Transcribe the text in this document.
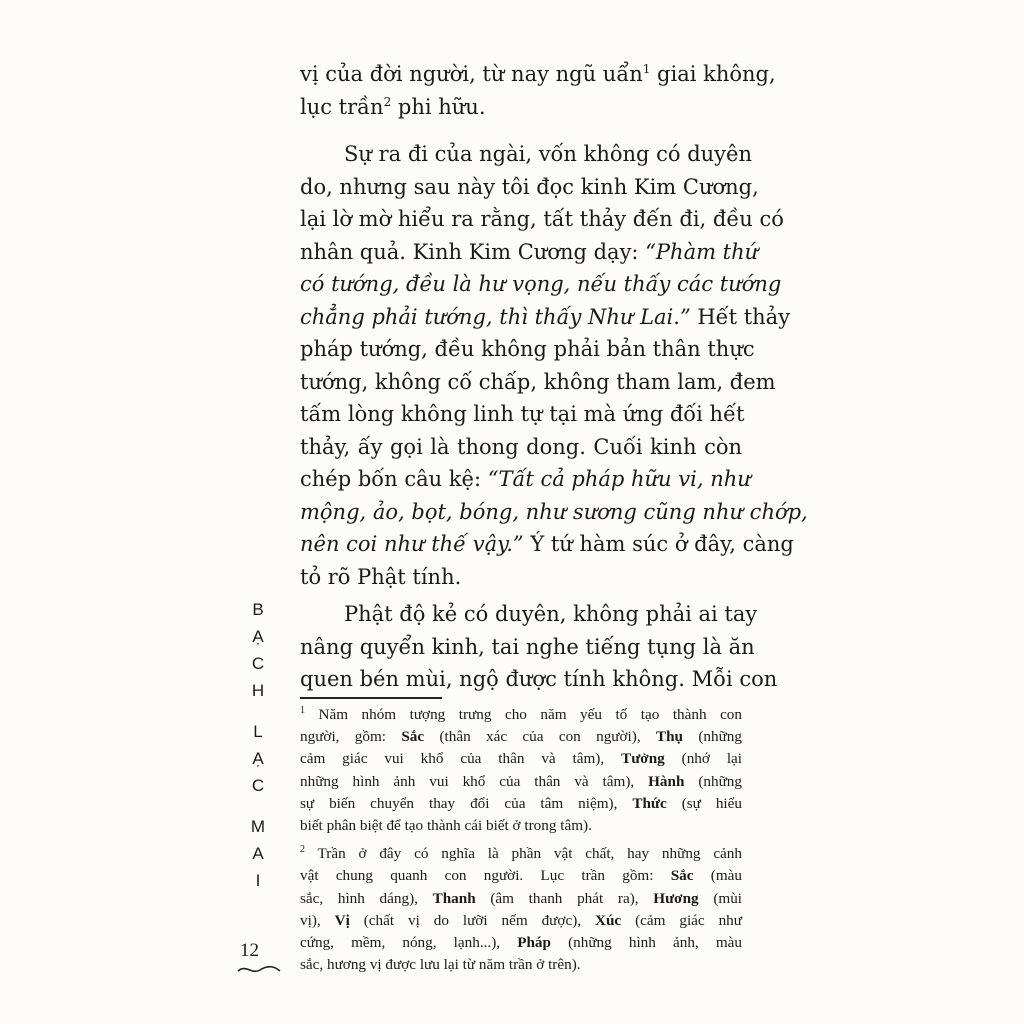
vị của đời người, từ nay ngũ uẩn$^1$ giai không,
lục trần$^2$ phi hữu.
Sự ra đi của ngài, vốn không có duyên
do, nhưng sau này tôi đọc kinh Kim Cương,
lại lờ mờ hiểu ra rằng, tất thảy đến đi, đều có
nhân quả. Kinh Kim Cương dạy: “Phàm thứ
có tướng, đều là hư vọng, nếu thấy các tướng
chẳng phải tướng, thì thấy Như Lai.” Hết thảy
pháp tướng, đều không phải bản thân thực
tướng, không cố chấp, không tham lam, đem
tấm lòng không linh tự tại mà ứng đối hết
thảy, ấy gọi là thong dong. Cuối kinh còn
chép bốn câu kệ: “Tất cả pháp hữu vi, như
mộng, ảo, bọt, bóng, như sương cũng như chớp,
nên coi như thế vậy.” Ý tứ hàm súc ở đây, càng
tỏ rõ Phật tính.
Phật độ kẻ có duyên, không phải ai tay
nâng quyển kinh, tai nghe tiếng tụng là ăn
quen bén mùi, ngộ được tính không. Mỗi con
$^1$ Năm nhóm tượng trưng cho năm yếu tố tạo thành con
người, gồm: Sắc (thân xác của con người), Thụ (những
cảm giác vui khổ của thân và tâm), Tưởng (nhớ lại
những hình ảnh vui khổ của thân và tâm), Hành (những
sự biến chuyển thay đổi của tâm niệm), Thức (sự hiểu
biết phân biệt để tạo thành cái biết ở trong tâm).
$^2$ Trần ở đây có nghĩa là phần vật chất, hay những cảnh
vật chung quanh con người. Lục trần gồm: Sắc (màu
sắc, hình dáng), Thanh (âm thanh phát ra), Hương (mùi
vị), Vị (chất vị do lưỡi nếm được), Xúc (cảm giác như
cứng, mềm, nóng, lạnh...), Pháp (những hình ảnh, màu
sắc, hương vị được lưu lại từ năm trần ở trên).
B
Ạ
C
H
L
Ạ
C
M
A
I
12
